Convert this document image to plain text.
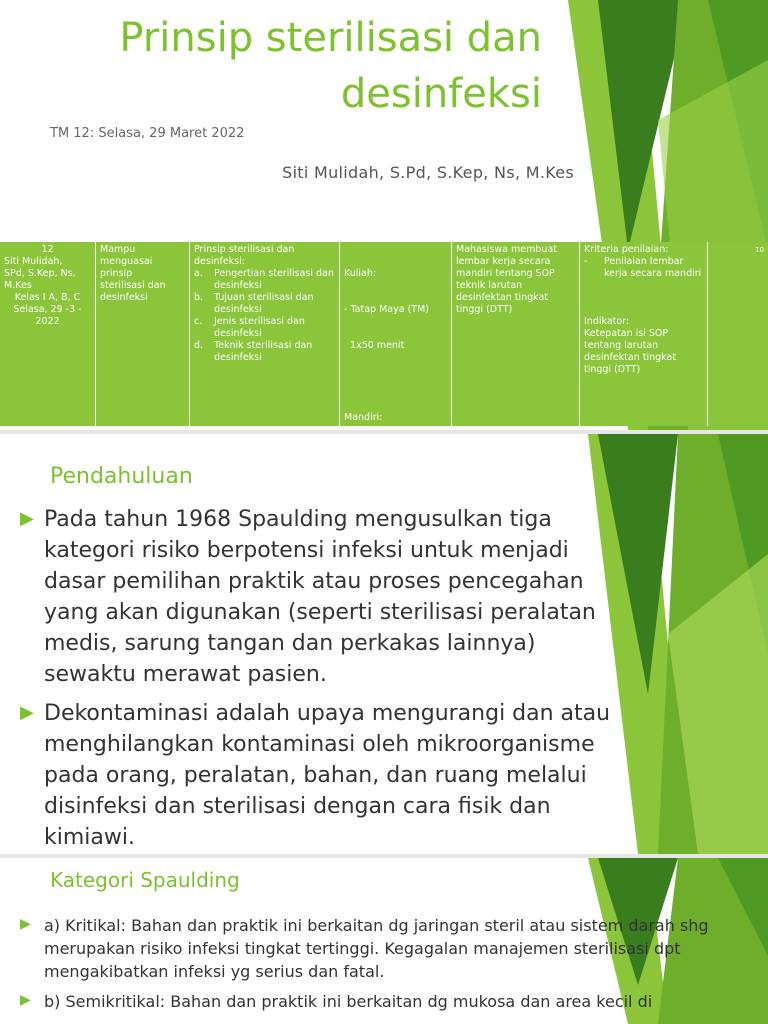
Prinsip sterilisasi dan
desinfeksi
TM 12: Selasa, 29 Maret 2022
Siti Mulidah, S.Pd, S.Kep, Ns, M.Kes
12
Siti Mulidah,
SPd, S.Kep, Ns,
M.Kes
Kelas I A, B, C
Selasa, 29 -3 -
2022
Mampu
menguasai
prinsip
sterilisasi dan
desinfeksi
Prinsip sterilisasi dan
desinfeksi:
a. Pengertian sterilisasi dan desinfeksi
b. Tujuan sterilisasi dan desinfeksi
c. Jenis sterilisasi dan desinfeksi
d. Teknik sterilisasi dan desinfeksi

Kuliah:

- Tatap Maya (TM)

1x50 menit

Mandiri:

Mahasiswa membuat
lembar kerja secara
mandiri tentang SOP
teknik larutan
desinfektan tingkat
tinggi (DTT)
Kriteria penilaian:
- Penilaian lembar kerja secara mandiri
Indikator:
Ketepatan isi SOP
tentang larutan
desinfektan tingkat
tinggi (DTT)
10
Pendahuluan
▶ Pada tahun 1968 Spaulding mengusulkan tiga kategori risiko berpotensi infeksi untuk menjadi dasar pemilihan praktik atau proses pencegahan yang akan digunakan (seperti sterilisasi peralatan medis, sarung tangan dan perkakas lainnya) sewaktu merawat pasien.
▶ Dekontaminasi adalah upaya mengurangi dan atau menghilangkan kontaminasi oleh mikroorganisme pada orang, peralatan, bahan, dan ruang melalui disinfeksi dan sterilisasi dengan cara fisik dan kimiawi.
Kategori Spaulding
▶ a) Kritikal: Bahan dan praktik ini berkaitan dg jaringan steril atau sistem darah shg merupakan risiko infeksi tingkat tertinggi. Kegagalan manajemen sterilisasi dpt mengakibatkan infeksi yg serius dan fatal.
▶ b) Semikritikal: Bahan dan praktik ini berkaitan dg mukosa dan area kecil di
